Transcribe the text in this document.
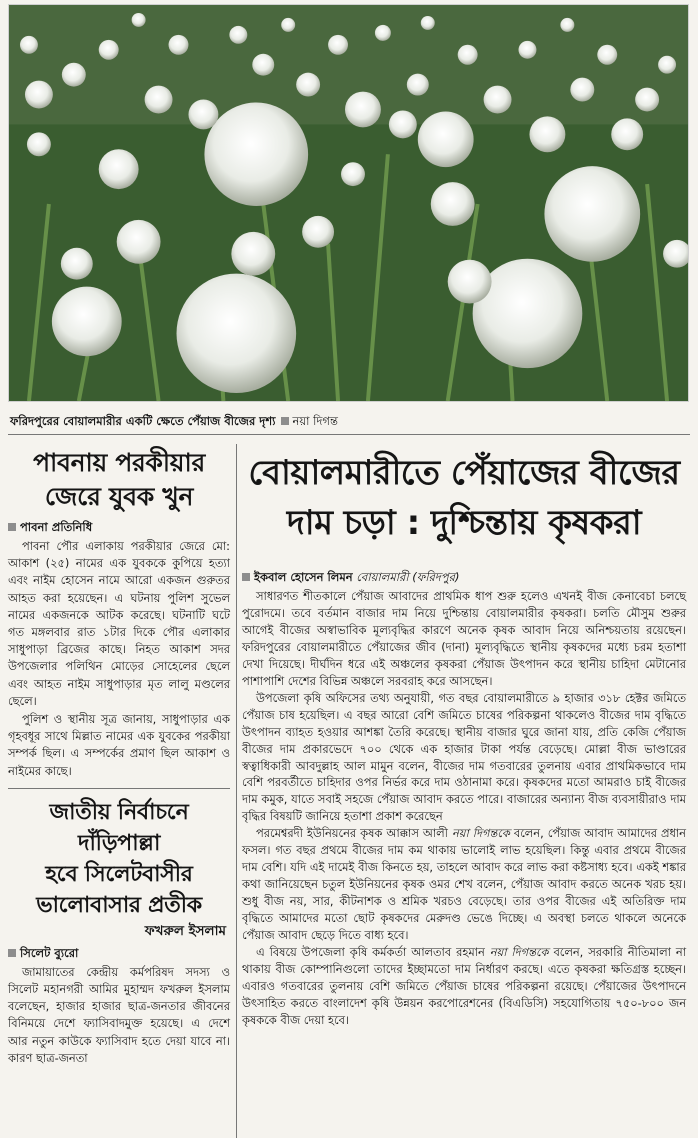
ফরিদপুরের বোয়ালমারীর একটি ক্ষেতে পেঁয়াজ বীজের দৃশ্য নয়া দিগন্ত
পাবনায় পরকীয়ার
জেরে যুবক খুন
পাবনা প্রতিনিধি

পাবনা পৌর এলাকায় পরকীয়ার জেরে মো: আকাশ (২৫) নামের এক যুবককে কুপিয়ে হত্যা এবং নাইম হোসেন নামে আরো একজন গুরুতর আহত করা হয়েছেন। এ ঘটনায় পুলিশ সুভেল নামের একজনকে আটক করেছে। ঘটনাটি ঘটে গত মঙ্গলবার রাত ১টার দিকে পৌর এলাকার সাধুপাড়া ব্রিজের কাছে। নিহত আকাশ সদর উপজেলার পলিথিন মোড়ের সোহেলের ছেলে এবং আহত নাইম সাধুপাড়ার মৃত লালু মণ্ডলের ছেলে।

পুলিশ ও স্থানীয় সূত্র জানায়, সাধুপাড়ার এক গৃহবধূর সাথে মিল্লাত নামের এক যুবকের পরকীয়া সম্পর্ক ছিল। এ সম্পর্কের প্রমাণ ছিল আকাশ ও নাইমের কাছে।

জাতীয় নির্বাচনে দাঁড়িপাল্লা
হবে সিলেটবাসীর
ভালোবাসার প্রতীক
ফখরুল ইসলাম
সিলেট ব্যুরো

জামায়াতের কেন্দ্রীয় কর্মপরিষদ সদস্য ও সিলেট মহানগরী আমির মুহাম্মদ ফখরুল ইসলাম বলেছেন, হাজার হাজার ছাত্র-জনতার জীবনের বিনিময়ে দেশে ফ্যাসিবাদমুক্ত হয়েছে। এ দেশে আর নতুন কাউকে ফ্যাসিবাদ হতে দেয়া যাবে না। কারণ ছাত্র-জনতা

বোয়ালমারীতে পেঁয়াজের বীজের
দাম চড়া : দুশ্চিন্তায় কৃষকরা
ইকবাল হোসেন লিমন বোয়ালমারী (ফরিদপুর)

সাধারণত শীতকালে পেঁয়াজ আবাদের প্রাথমিক ধাপ শুরু হলেও এখনই বীজ কেনাবেচা চলছে পুরোদমে। তবে বর্তমান বাজার দাম নিয়ে দুশ্চিন্তায় বোয়ালমারীর কৃষকরা। চলতি মৌসুম শুরুর আগেই বীজের অস্বাভাবিক মূল্যবৃদ্ধির কারণে অনেক কৃষক আবাদ নিয়ে অনিশ্চয়তায় রয়েছেন। ফরিদপুরের বোয়ালমারীতে পেঁয়াজের জীব (দানা) মূল্যবৃদ্ধিতে স্থানীয় কৃষকদের মধ্যে চরম হতাশা দেখা দিয়েছে। দীর্ঘদিন ধরে এই অঞ্চলের কৃষকরা পেঁয়াজ উৎপাদন করে স্থানীয় চাহিদা মেটানোর পাশাপাশি দেশের বিভিন্ন অঞ্চলে সরবরাহ করে আসছেন।

উপজেলা কৃষি অফিসের তথ্য অনুযায়ী, গত বছর বোয়ালমারীতে ৯ হাজার ৩১৮ হেক্টর জমিতে পেঁয়াজ চাষ হয়েছিল। এ বছর আরো বেশি জমিতে চাষের পরিকল্পনা থাকলেও বীজের দাম বৃদ্ধিতে উৎপাদন ব্যাহত হওয়ার আশঙ্কা তৈরি করেছে। স্থানীয় বাজার ঘুরে জানা যায়, প্রতি কেজি পেঁয়াজ বীজের দাম প্রকারভেদে ৭০০ থেকে এক হাজার টাকা পর্যন্ত বেড়েছে। মোল্লা বীজ ভাণ্ডারের স্বত্বাধিকারী আবদুল্লাহ আল মামুন বলেন, বীজের দাম গতবারের তুলনায় এবার প্রাথমিকভাবে দাম বেশি পরবর্তীতে চাহিদার ওপর নির্ভর করে দাম ওঠানামা করে। কৃষকদের মতো আমরাও চাই বীজের দাম কমুক, যাতে সবাই সহজে পেঁয়াজ আবাদ করতে পারে। বাজারের অন্যান্য বীজ ব্যবসায়ীরাও দাম বৃদ্ধির বিষয়টি জানিয়ে হতাশা প্রকাশ করেছেন

পরমেশ্বরদী ইউনিয়নের কৃষক আক্কাস আলী নয়া দিগন্তকে বলেন, পেঁয়াজ আবাদ আমাদের প্রধান ফসল। গত বছর প্রথমে বীজের দাম কম থাকায় ভালোই লাভ হয়েছিল। কিন্তু এবার প্রথমে বীজের দাম বেশি। যদি এই দামেই বীজ কিনতে হয়, তাহলে আবাদ করে লাভ করা কষ্টসাধ্য হবে। একই শঙ্কার কথা জানিয়েছেন চতুল ইউনিয়নের কৃষক ওমর শেখ বলেন, পেঁয়াজ আবাদ করতে অনেক খরচ হয়। শুধু বীজ নয়, সার, কীটনাশক ও শ্রমিক খরচও বেড়েছে। তার ওপর বীজের এই অতিরিক্ত দাম বৃদ্ধিতে আমাদের মতো ছোট কৃষকদের মেরুদণ্ড ভেঙে দিচ্ছে। এ অবস্থা চলতে থাকলে অনেকে পেঁয়াজ আবাদ ছেড়ে দিতে বাধ্য হবে।

এ বিষয়ে উপজেলা কৃষি কর্মকর্তা আলতাব রহমান নয়া দিগন্তকে বলেন, সরকারি নীতিমালা না থাকায় বীজ কোম্পানিগুলো তাদের ইচ্ছামতো দাম নির্ধারণ করছে। এতে কৃষকরা ক্ষতিগ্রস্ত হচ্ছেন। এবারও গতবারের তুলনায় বেশি জমিতে পেঁয়াজ চাষের পরিকল্পনা রয়েছে। পেঁয়াজের উৎপাদনে উৎসাহিত করতে বাংলাদেশ কৃষি উন্নয়ন করপোরেশনের (বিএডিসি) সহযোগিতায় ৭৫০-৮০০ জন কৃষককে বীজ দেয়া হবে।
